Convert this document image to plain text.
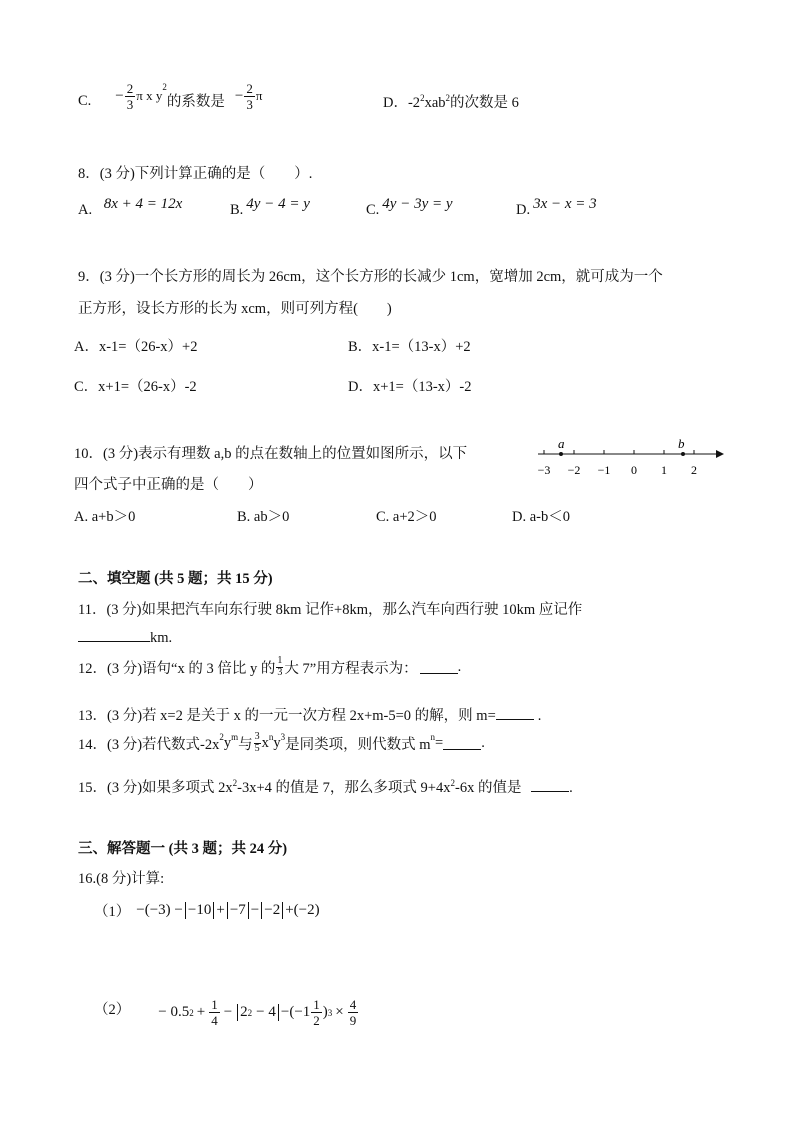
C. − $\frac{2}{3}$ π x y
$^2$
的系数是 − $\frac{2}{3}$ π	D．$-2^2xab^2$的次数是 6
8．(3 分)下列计算正确的是（　　）.
A. 8x + 4 = 12x	B. 4y − 4 = y	C. 4y − 3y = y	D. 3x − x = 3
9．(3 分)一个长方形的周长为 26cm，这个长方形的长减少 1cm，宽增加 2cm，就可成为一个
正方形，设长方形的长为 xcm，则可列方程(　　)
A．x-1=（26-x）+2	B．x-1=（13-x）+2
C．x+1=（26-x）-2	D．x+1=（13-x）-2
10．(3 分)表示有理数 a,b 的点在数轴上的位置如图所示，以下
四个式子中正确的是（　　）
−3 −2 −1 0 1 2
a	b
A. a+b＞0	B. ab＞0	C. a+2＞0	D. a-b＜0
二、填空题 (共 5 题；共 15 分)
11．(3 分)如果把汽车向东行驶 8km 记作+8km，那么汽车向西行驶 10km 应记作
km.
12．(3 分)语句“x 的 3 倍比 y 的 $\frac{1}{3}$ 大 7”用方程表示为：	.
13．(3 分)若 x=2 是关于 x 的一元一次方程 2x+m-5=0 的解，则 m=	.
14．(3 分)若代数式$-2x^2$ $y^m$ 与 $\frac{3}{5} x^n$ $y^3$ 是同类项，则代数式 $m^n$ =	.
15．(3 分)如果多项式 $2x^2-3x+4$ 的值是 7，那么多项式 $9+4x^2-6x$ 的值是	.
三、解答题一 (共 3 题；共 24 分)
16.(8 分)计算:
（1） −(−3) − −10 + −7 − −2 +(−2)
（2） − 0.5 $2 + \frac{1}{4} - 2$ $2 - 4 -(-1 \frac{1}{2}$ ) $3 \times \frac{4}{9}$
